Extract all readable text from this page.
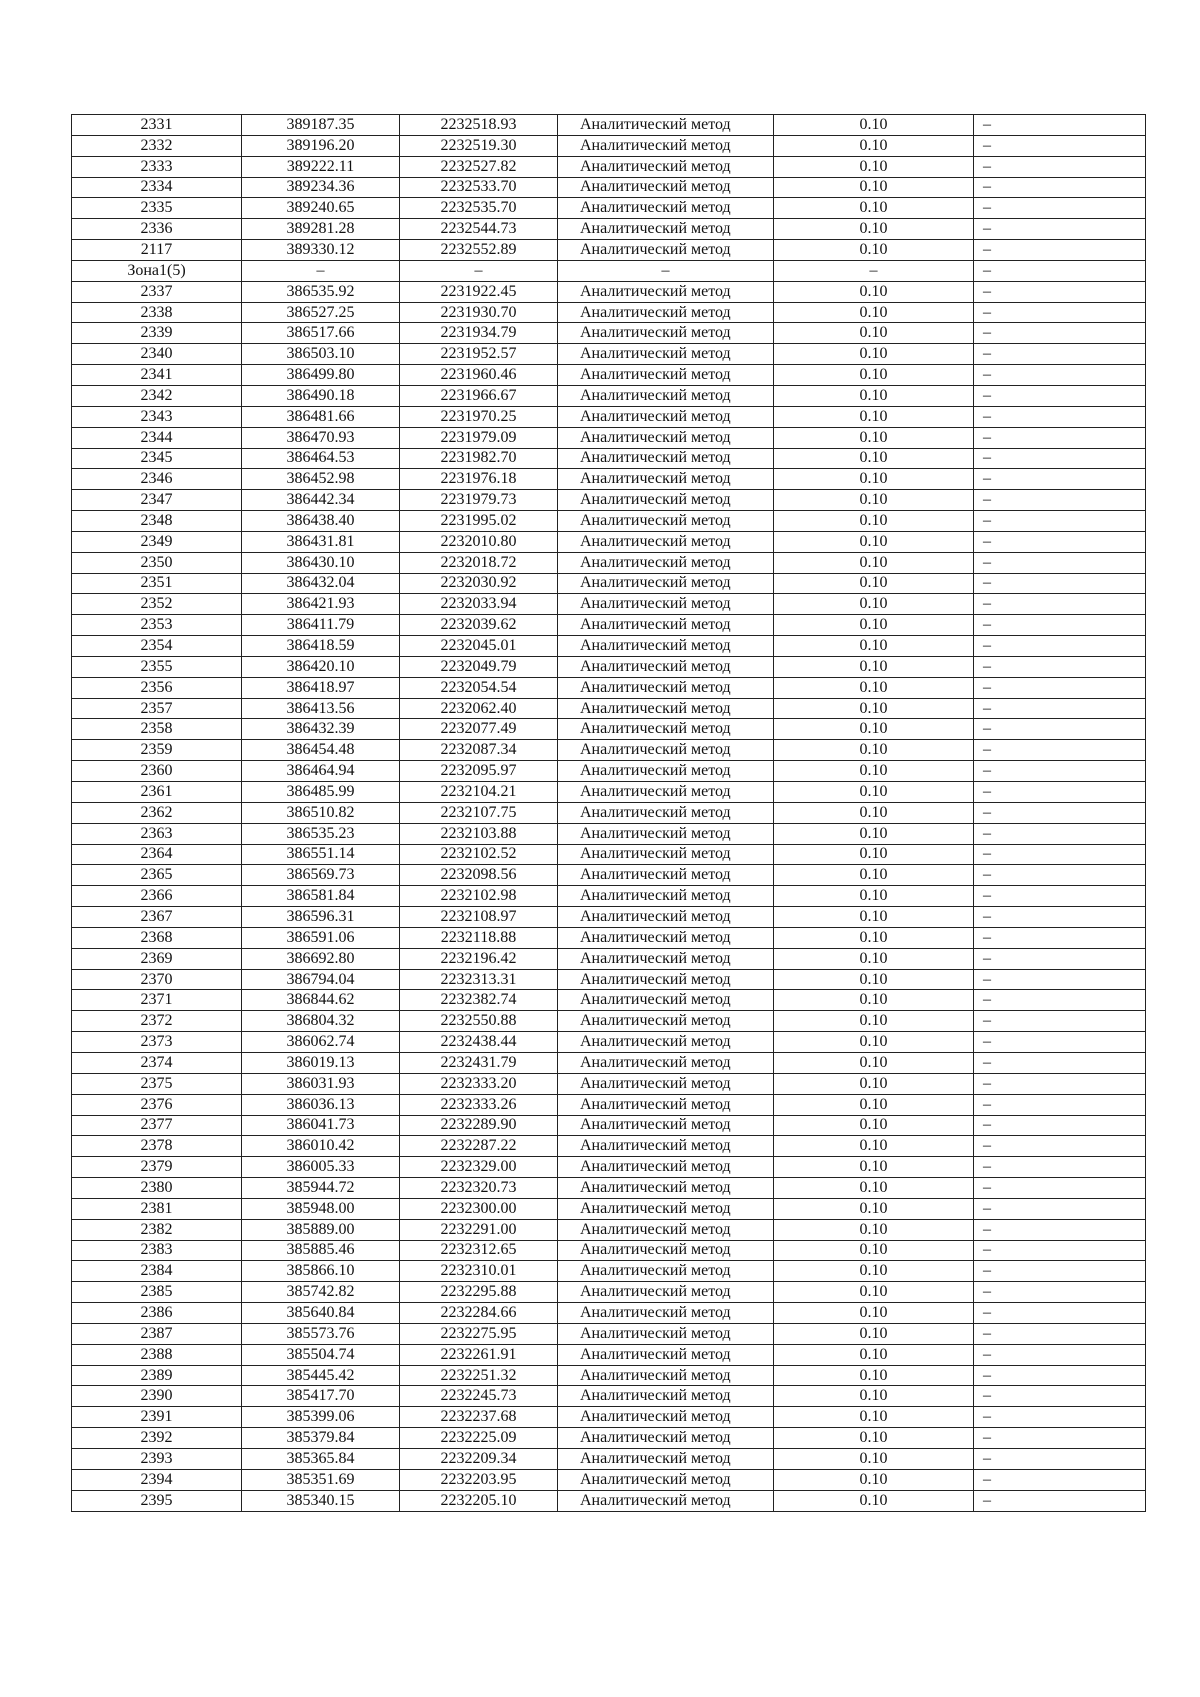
2331	389187.35	2232518.93	Аналитический метод	0.10	–
2332	389196.20	2232519.30	Аналитический метод	0.10	–
2333	389222.11	2232527.82	Аналитический метод	0.10	–
2334	389234.36	2232533.70	Аналитический метод	0.10	–
2335	389240.65	2232535.70	Аналитический метод	0.10	–
2336	389281.28	2232544.73	Аналитический метод	0.10	–
2117	389330.12	2232552.89	Аналитический метод	0.10	–
Зона1(5)	–	–	–	–	–
2337	386535.92	2231922.45	Аналитический метод	0.10	–
2338	386527.25	2231930.70	Аналитический метод	0.10	–
2339	386517.66	2231934.79	Аналитический метод	0.10	–
2340	386503.10	2231952.57	Аналитический метод	0.10	–
2341	386499.80	2231960.46	Аналитический метод	0.10	–
2342	386490.18	2231966.67	Аналитический метод	0.10	–
2343	386481.66	2231970.25	Аналитический метод	0.10	–
2344	386470.93	2231979.09	Аналитический метод	0.10	–
2345	386464.53	2231982.70	Аналитический метод	0.10	–
2346	386452.98	2231976.18	Аналитический метод	0.10	–
2347	386442.34	2231979.73	Аналитический метод	0.10	–
2348	386438.40	2231995.02	Аналитический метод	0.10	–
2349	386431.81	2232010.80	Аналитический метод	0.10	–
2350	386430.10	2232018.72	Аналитический метод	0.10	–
2351	386432.04	2232030.92	Аналитический метод	0.10	–
2352	386421.93	2232033.94	Аналитический метод	0.10	–
2353	386411.79	2232039.62	Аналитический метод	0.10	–
2354	386418.59	2232045.01	Аналитический метод	0.10	–
2355	386420.10	2232049.79	Аналитический метод	0.10	–
2356	386418.97	2232054.54	Аналитический метод	0.10	–
2357	386413.56	2232062.40	Аналитический метод	0.10	–
2358	386432.39	2232077.49	Аналитический метод	0.10	–
2359	386454.48	2232087.34	Аналитический метод	0.10	–
2360	386464.94	2232095.97	Аналитический метод	0.10	–
2361	386485.99	2232104.21	Аналитический метод	0.10	–
2362	386510.82	2232107.75	Аналитический метод	0.10	–
2363	386535.23	2232103.88	Аналитический метод	0.10	–
2364	386551.14	2232102.52	Аналитический метод	0.10	–
2365	386569.73	2232098.56	Аналитический метод	0.10	–
2366	386581.84	2232102.98	Аналитический метод	0.10	–
2367	386596.31	2232108.97	Аналитический метод	0.10	–
2368	386591.06	2232118.88	Аналитический метод	0.10	–
2369	386692.80	2232196.42	Аналитический метод	0.10	–
2370	386794.04	2232313.31	Аналитический метод	0.10	–
2371	386844.62	2232382.74	Аналитический метод	0.10	–
2372	386804.32	2232550.88	Аналитический метод	0.10	–
2373	386062.74	2232438.44	Аналитический метод	0.10	–
2374	386019.13	2232431.79	Аналитический метод	0.10	–
2375	386031.93	2232333.20	Аналитический метод	0.10	–
2376	386036.13	2232333.26	Аналитический метод	0.10	–
2377	386041.73	2232289.90	Аналитический метод	0.10	–
2378	386010.42	2232287.22	Аналитический метод	0.10	–
2379	386005.33	2232329.00	Аналитический метод	0.10	–
2380	385944.72	2232320.73	Аналитический метод	0.10	–
2381	385948.00	2232300.00	Аналитический метод	0.10	–
2382	385889.00	2232291.00	Аналитический метод	0.10	–
2383	385885.46	2232312.65	Аналитический метод	0.10	–
2384	385866.10	2232310.01	Аналитический метод	0.10	–
2385	385742.82	2232295.88	Аналитический метод	0.10	–
2386	385640.84	2232284.66	Аналитический метод	0.10	–
2387	385573.76	2232275.95	Аналитический метод	0.10	–
2388	385504.74	2232261.91	Аналитический метод	0.10	–
2389	385445.42	2232251.32	Аналитический метод	0.10	–
2390	385417.70	2232245.73	Аналитический метод	0.10	–
2391	385399.06	2232237.68	Аналитический метод	0.10	–
2392	385379.84	2232225.09	Аналитический метод	0.10	–
2393	385365.84	2232209.34	Аналитический метод	0.10	–
2394	385351.69	2232203.95	Аналитический метод	0.10	–
2395	385340.15	2232205.10	Аналитический метод	0.10	–
